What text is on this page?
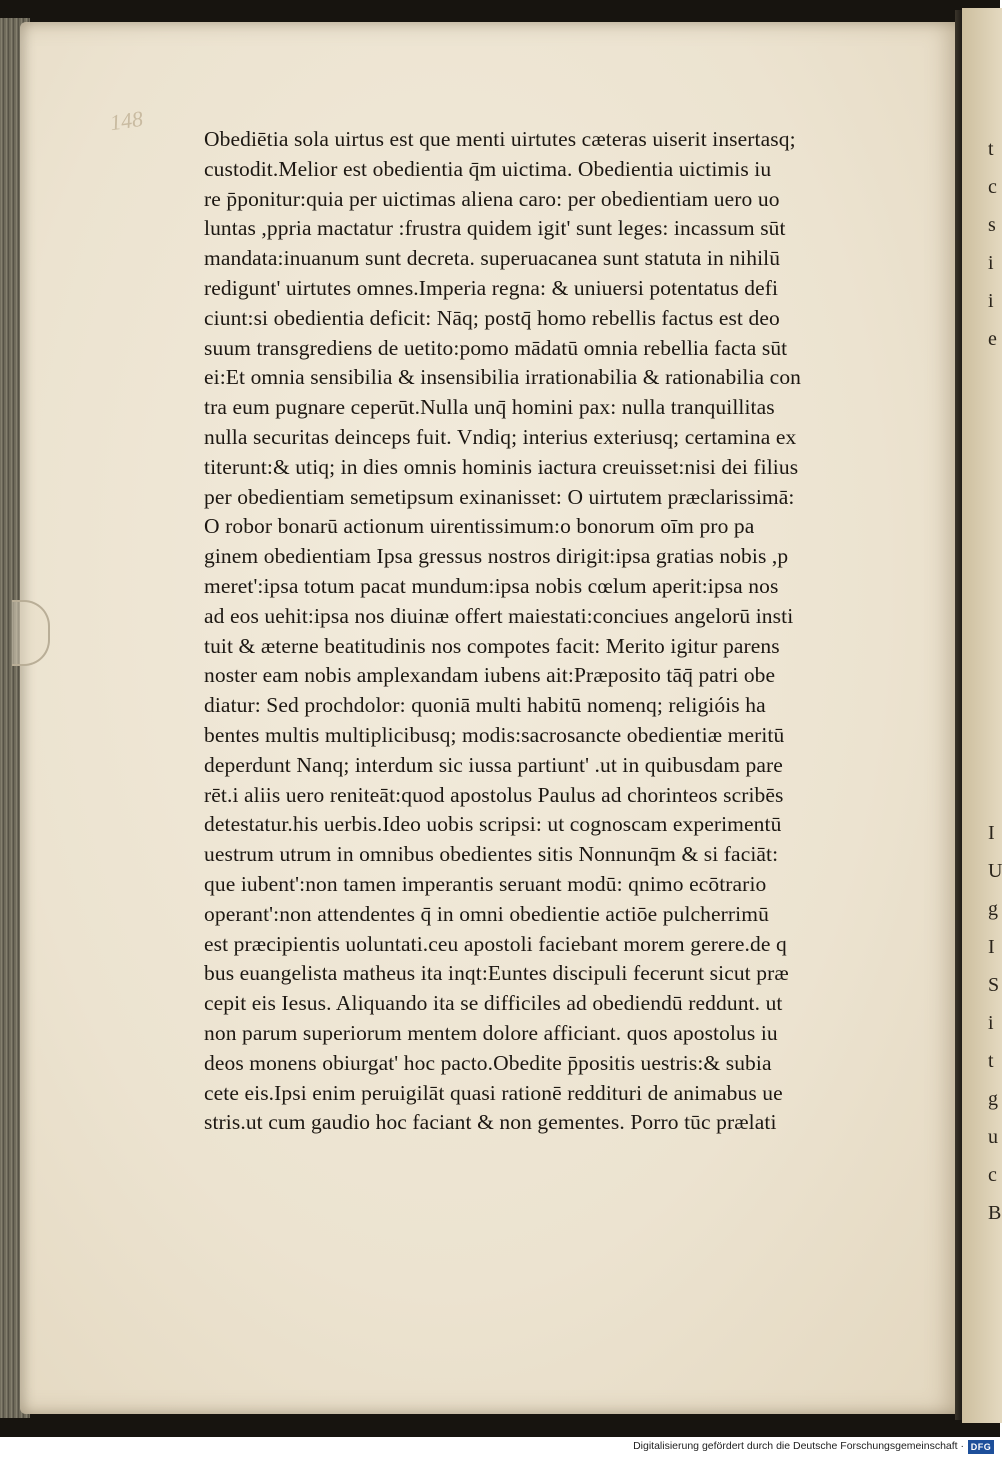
t
c
s
i
i
e

I
U
g
I
S
i
t
g
u
c
B
148
Obediētia sola uirtus est que menti uirtutes cæteras uiserit insertasq;
custodit.Melior est obedientia q̄m uictima. Obedientia uictimis iu
re p̄ponitur:quia per uictimas aliena caro: per obedientiam uero uo
luntas ,ppria mactatur :frustra quidem igit' sunt leges: incassum sūt
mandata:inuanum sunt decreta. superuacanea sunt statuta in nihilū
redigunt' uirtutes omnes.Imperia regna: & uniuersi potentatus defi
ciunt:si obedientia deficit: Nāq; postq̄ homo rebellis factus est deo
suum transgrediens de uetito:pomo mādatū omnia rebellia facta sūt
ei:Et omnia sensibilia & insensibilia irrationabilia & rationabilia con
tra eum pugnare ceperūt.Nulla unq̄ homini pax: nulla tranquillitas
nulla securitas deinceps fuit. Vndiq; interius exteriusq; certamina ex
titerunt:& utiq; in dies omnis hominis iactura creuisset:nisi dei filius
per obedientiam semetipsum exinanisset: O uirtutem præclarissimā:
O robor bonarū actionum uirentissimum:o bonorum oīm pro pa
ginem obedientiam Ipsa gressus nostros dirigit:ipsa gratias nobis ,p
meret':ipsa totum pacat mundum:ipsa nobis cœlum aperit:ipsa nos
ad eos uehit:ipsa nos diuinæ offert maiestati:conciues angelorū insti
tuit & æterne beatitudinis nos compotes facit: Merito igitur parens
noster eam nobis amplexandam iubens ait:Præposito tāq̄ patri obe
diatur: Sed prochdolor: quoniā multi habitū nomenq; religióis ha
bentes multis multiplicibusq; modis:sacrosancte obedientiæ meritū
deperdunt Nanq; interdum sic iussa partiunt' .ut in quibusdam pare
rēt.i aliis uero reniteāt:quod apostolus Paulus ad chorinteos scribēs
detestatur.his uerbis.Ideo uobis scripsi: ut cognoscam experimentū
uestrum utrum in omnibus obedientes sitis Nonnunq̄m & si faciāt:
que iubent':non tamen imperantis seruant modū: qnimo ecōtrario
operant':non attendentes q̄ in omni obedientie actiōe pulcherrimū
est præcipientis uoluntati.ceu apostoli faciebant morem gerere.de q
bus euangelista matheus ita inqt:Euntes discipuli fecerunt sicut præ
cepit eis Iesus. Aliquando ita se difficiles ad obediendū reddunt. ut
non parum superiorum mentem dolore afficiant. quos apostolus iu
deos monens obiurgat' hoc pacto.Obedite p̄positis uestris:& subia
cete eis.Ipsi enim peruigilāt quasi rationē reddituri de animabus ue
stris.ut cum gaudio hoc faciant & non gementes. Porro tūc prælati
Digitalisierung gefördert durch die Deutsche Forschungsgemeinschaft · DFG
